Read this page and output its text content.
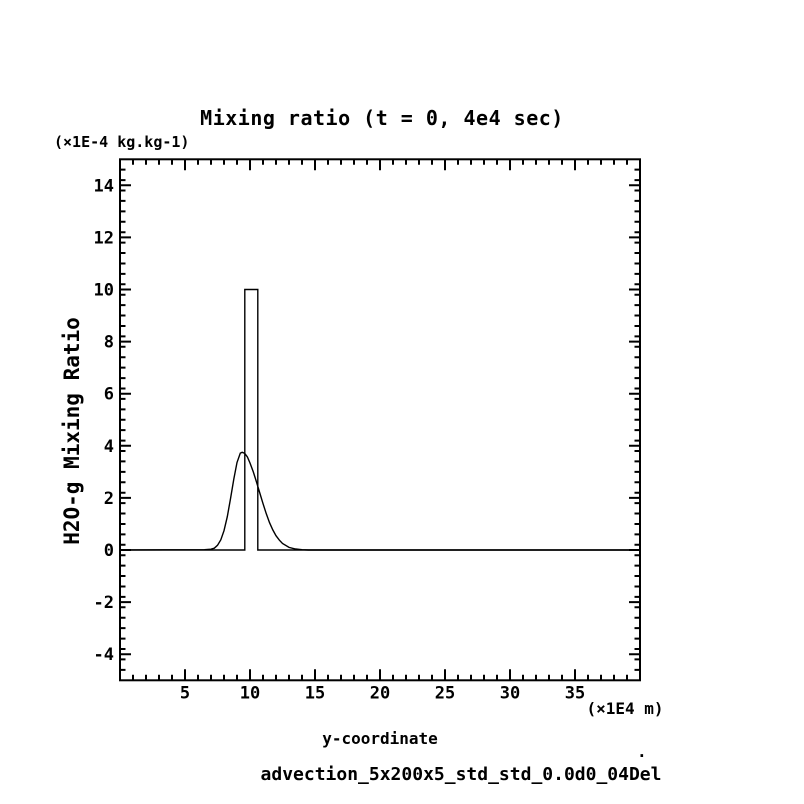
Mixing ratio (t = 0, 4e4 sec)
(×1E-4 kg.kg-1)
H2O-g Mixing Ratio
5	10	15	20	25	30	35
-4
-2
0
2
4
6
8
10
12
14
(×1E4 m)
y-coordinate
advection_5x200x5_std_std_0.0d0_04Del
.
